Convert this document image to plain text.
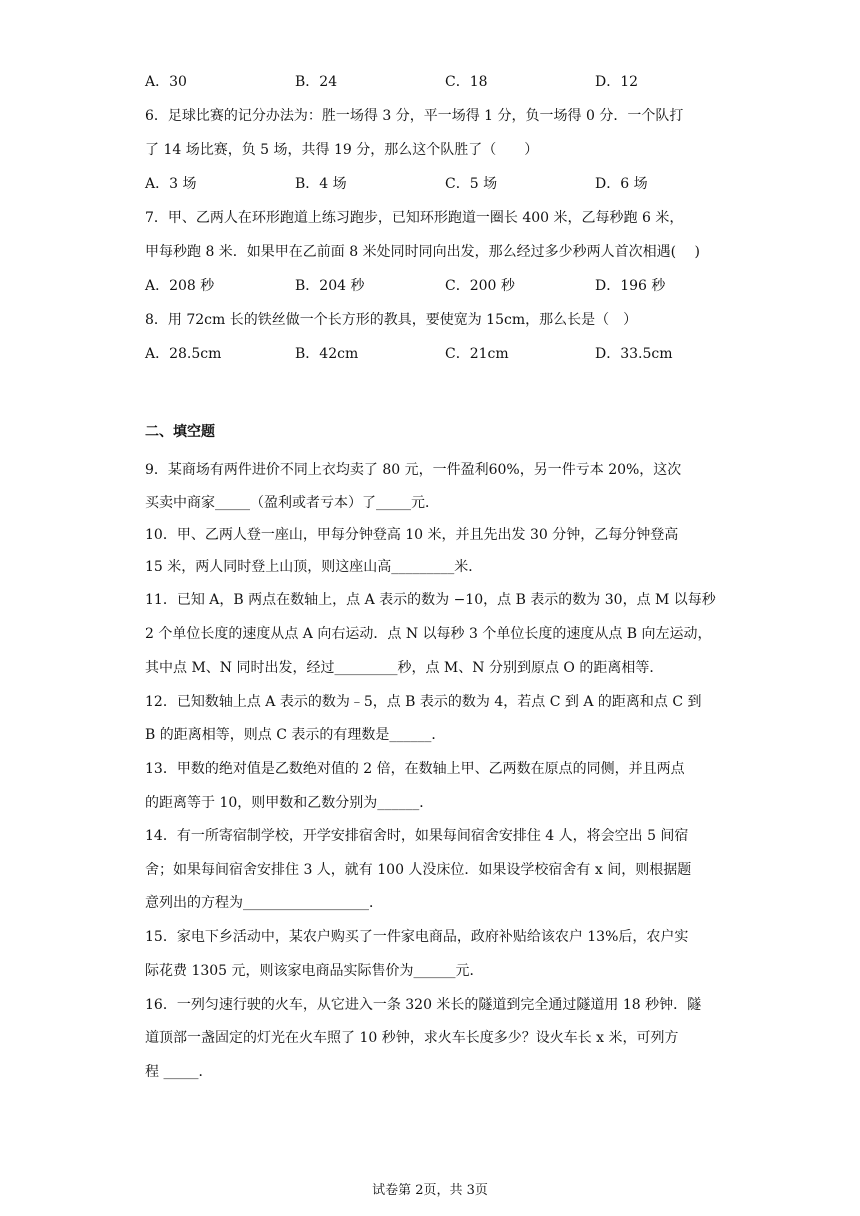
A．30	B．24	C．18	D．12
6．足球比赛的记分办法为：胜一场得 3 分，平一场得 1 分，负一场得 0 分．一个队打
了 14 场比赛，负 5 场，共得 19 分，那么这个队胜了（　　）
A．3 场	B．4 场	C．5 场	D．6 场
7．甲、乙两人在环形跑道上练习跑步，已知环形跑道一圈长 400 米，乙每秒跑 6 米，
甲每秒跑 8 米．如果甲在乙前面 8 米处同时同向出发，那么经过多少秒两人首次相遇(　 )
A．208 秒	B．204 秒	C．200 秒	D．196 秒
8．用 72cm 长的铁丝做一个长方形的教具，要使宽为 15cm，那么长是（　）
A．28.5cm	B．42cm	C．21cm	D．33.5cm
二、填空题
9．某商场有两件进价不同上衣均卖了 80 元，一件盈利60%，另一件亏本 20%，这次
买卖中商家_____（盈利或者亏本）了_____元．
10．甲、乙两人登一座山，甲每分钟登高 10 米，并且先出发 30 分钟，乙每分钟登高
15 米，两人同时登上山顶，则这座山高_________米．
11．已知 A，B 两点在数轴上，点 A 表示的数为 −10，点 B 表示的数为 30，点 M 以每秒
2 个单位长度的速度从点 A 向右运动．点 N 以每秒 3 个单位长度的速度从点 B 向左运动，
其中点 M、N 同时出发，经过_________秒，点 M、N 分别到原点 O 的距离相等．
12．已知数轴上点 A 表示的数为﹣5，点 B 表示的数为 4，若点 C 到 A 的距离和点 C 到
B 的距离相等，则点 C 表示的有理数是______．
13．甲数的绝对值是乙数绝对值的 2 倍，在数轴上甲、乙两数在原点的同侧，并且两点
的距离等于 10，则甲数和乙数分别为______．
14．有一所寄宿制学校，开学安排宿舍时，如果每间宿舍安排住 4 人，将会空出 5 间宿
舍；如果每间宿舍安排住 3 人，就有 100 人没床位．如果设学校宿舍有 x 间，则根据题
意列出的方程为__________________．
15．家电下乡活动中，某农户购买了一件家电商品，政府补贴给该农户 13%后，农户实
际花费 1305 元，则该家电商品实际售价为______元．
16．一列匀速行驶的火车，从它进入一条 320 米长的隧道到完全通过隧道用 18 秒钟．隧
道顶部一盏固定的灯光在火车照了 10 秒钟，求火车长度多少？设火车长 x 米，可列方
程 _____．
试卷第 2页，共 3页
